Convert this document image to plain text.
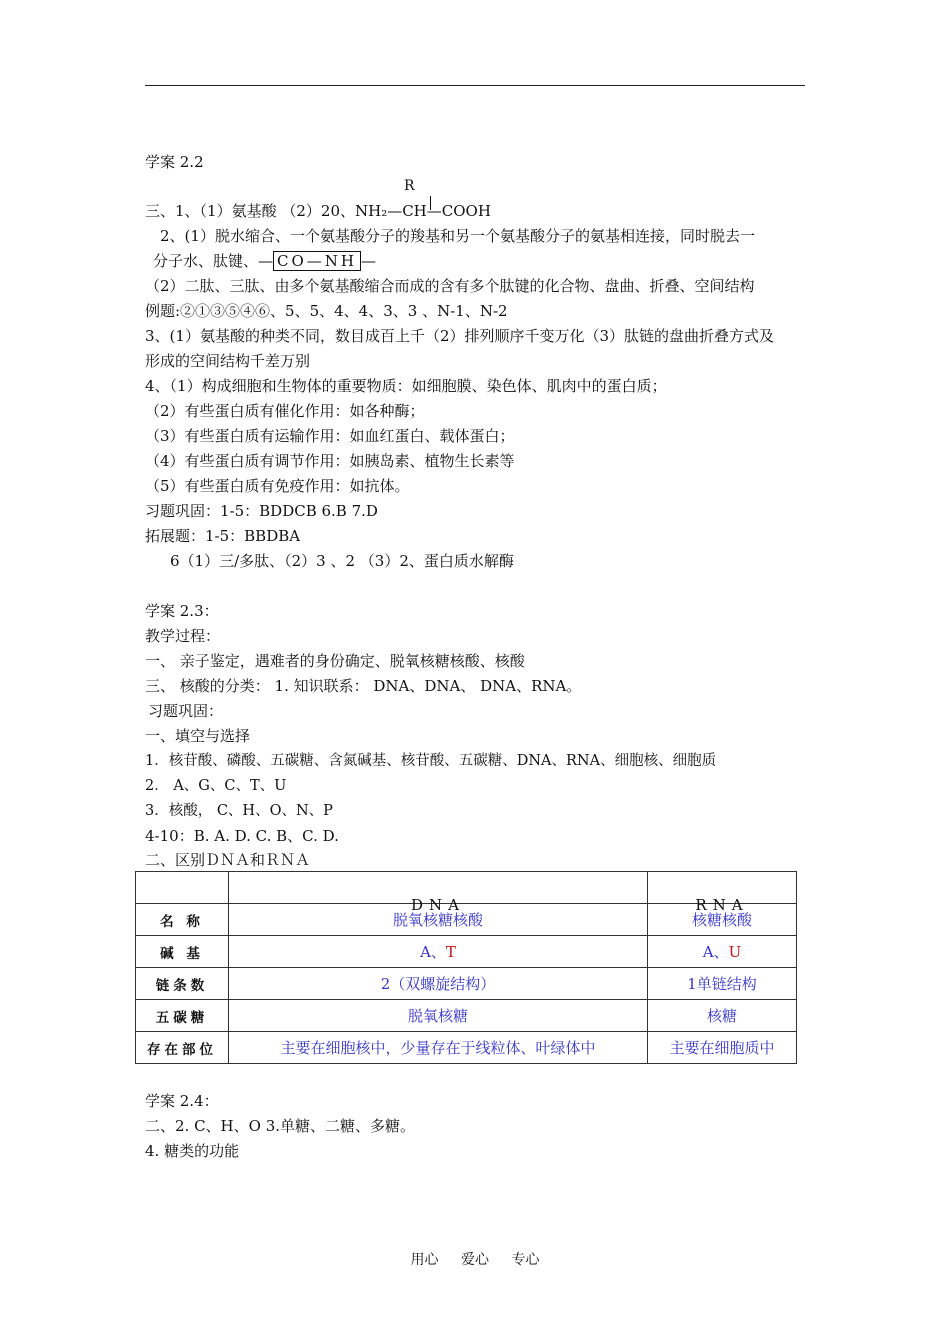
学案 2.2
R
三、1、（1）氨基酸 （2）20、NH₂—CH—COOH
2、(1）脱水缩合、一个氨基酸分子的羧基和另一个氨基酸分子的氨基相连接，同时脱去一
分子水、肽键、— CO—NH —
（2）二肽、三肽、由多个氨基酸缩合而成的含有多个肽键的化合物、盘曲、折叠、空间结构
例题:②①③⑤④⑥、5、5、4、4、3、3 、N-1、N-2
3、(1）氨基酸的种类不同，数目成百上千（2）排列顺序千变万化（3）肽链的盘曲折叠方式及
形成的空间结构千差万别
4、（1）构成细胞和生物体的重要物质：如细胞膜、染色体、肌肉中的蛋白质；
（2）有些蛋白质有催化作用：如各种酶；
（3）有些蛋白质有运输作用：如血红蛋白、载体蛋白；
（4）有些蛋白质有调节作用：如胰岛素、植物生长素等
（5）有些蛋白质有免疫作用：如抗体。
习题巩固：1-5：BDDCB 6.B 7.D
拓展题：1-5：BBDBA
6（1）三/多肽、（2）3 、2 （3）2、蛋白质水解酶
学案 2.3：
教学过程：
一、 亲子鉴定，遇难者的身份确定、脱氧核糖核酸、核酸
三、 核酸的分类： 1. 知识联系： DNA、DNA、 DNA、RNA。
习题巩固：
一、填空与选择
1．核苷酸、磷酸、五碳糖、含氮碱基、核苷酸、五碳糖、DNA、RNA、细胞核、细胞质
2． A、G、C、T、U
3．核酸， C、H、O、N、P
4-10：B. A. D. C. B、C. D.
二、区别ＤＮＡ和ＲＮＡ

	DNA	RNA

名 称	脱氧核糖核酸	核糖核酸
碱 基	A、T	A、U
链条数	2（双螺旋结构）	1单链结构
五碳糖	脱氧核糖	核糖
存在部位	主要在细胞核中，少量存在于线粒体、叶绿体中	主要在细胞质中
学案 2.4：
二、2. C、H、O 3.单糖、二糖、多糖。
4. 糖类的功能
用心 爱心 专心
